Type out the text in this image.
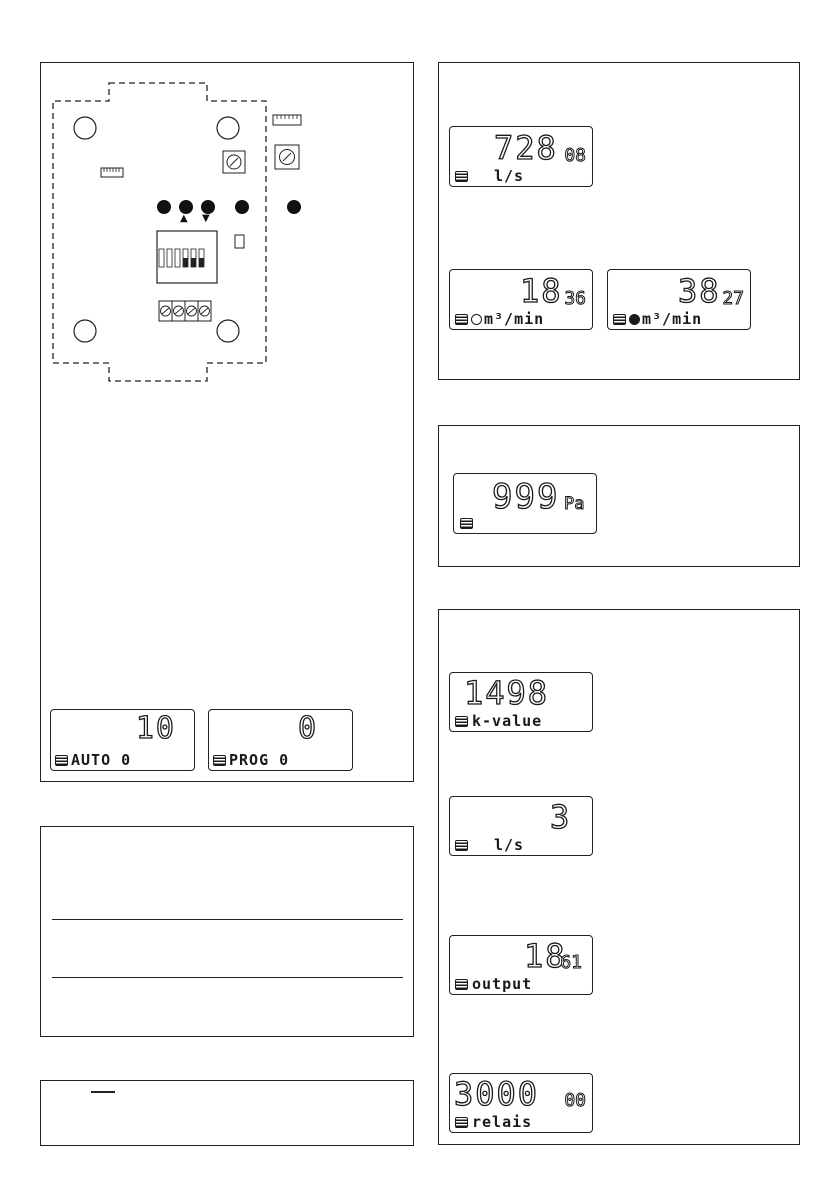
▲ ▼
10
AUTO 0
0
PROG 0
728 08
l/s
18 36
m³/min
38 27
m³/min
999 Pa
1498
k-value
3
l/s
18
61
output
3000 00
relais
